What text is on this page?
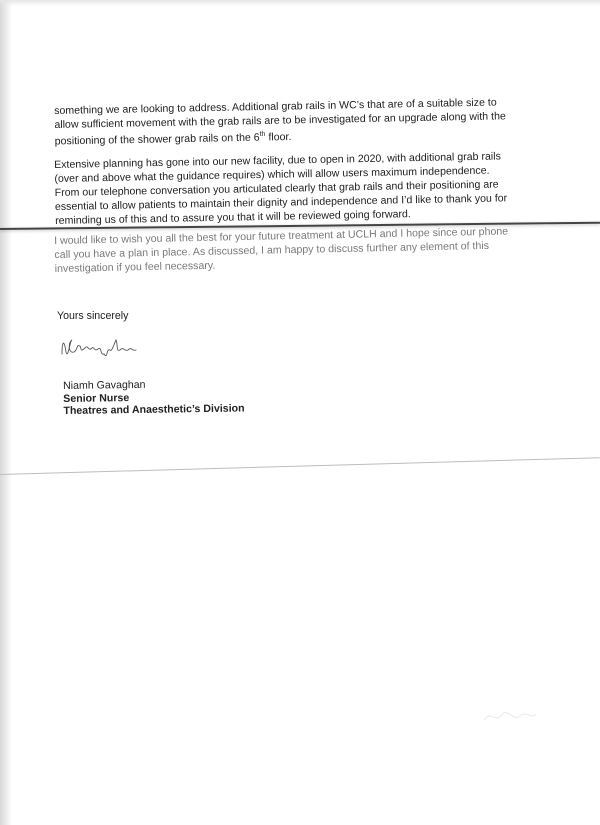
something we are looking to address. Additional grab rails in WC’s that are of a suitable size to allow sufficient movement with the grab rails are to be investigated for an upgrade along with the positioning of the shower grab rails on the 6th floor.

Extensive planning has gone into our new facility, due to open in 2020, with additional grab rails (over and above what the guidance requires) which will allow users maximum independence. From our telephone conversation you articulated clearly that grab rails and their positioning are essential to allow patients to maintain their dignity and independence and I’d like to thank you for reminding us of this and to assure you that it will be reviewed going forward.

I would like to wish you all the best for your future treatment at UCLH and I hope since our phone call you have a plan in place. As discussed, I am happy to discuss further any element of this investigation if you feel necessary.

Yours sincerely

Niamh Gavaghan
Senior Nurse
Theatres and Anaesthetic’s Division
